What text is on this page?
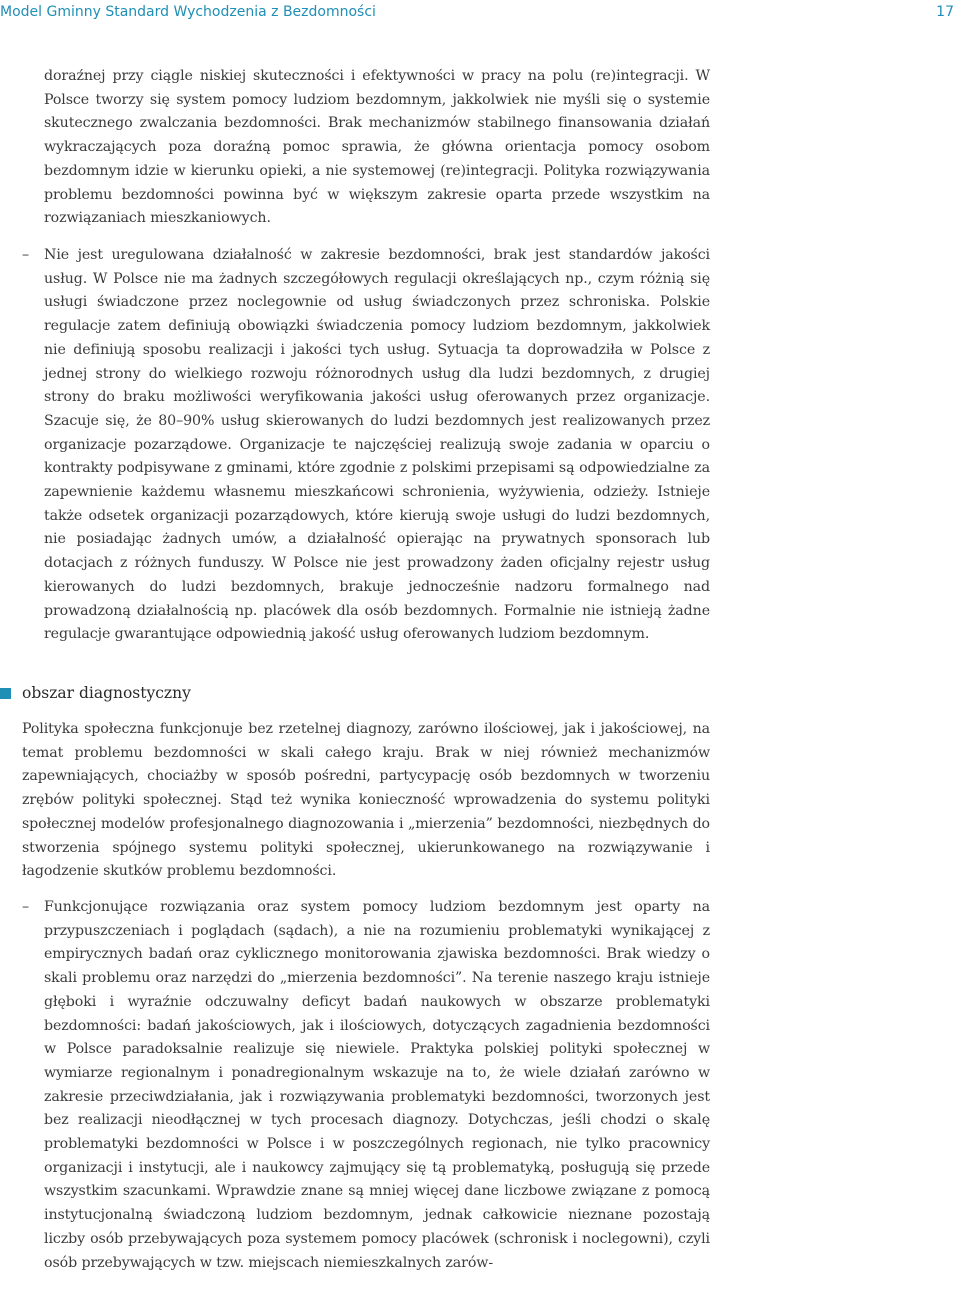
Model Gminny Standard Wychodzenia z Bezdomności	17

doraźnej przy ciągle niskiej skuteczności i efektywności w pracy na polu (re)integracji. W Polsce tworzy się system pomocy ludziom bezdomnym, jakkolwiek nie myśli się o systemie skutecznego zwalczania bezdomności. Brak mechanizmów stabilnego finansowania działań wykraczających poza doraźną pomoc sprawia, że główna orientacja pomocy osobom bezdomnym idzie w kierunku opieki, a nie systemowej (re)integracji. Polityka rozwiązywania problemu bezdomności powinna być w większym zakresie oparta przede wszystkim na rozwiązaniach mieszkaniowych.

– Nie jest uregulowana działalność w zakresie bezdomności, brak jest standardów jakości usług. W Polsce nie ma żadnych szczegółowych regulacji określających np., czym różnią się usługi świadczone przez noclegownie od usług świadczonych przez schroniska. Polskie regulacje zatem definiują obowiązki świadczenia pomocy ludziom bezdomnym, jakkolwiek nie definiują sposobu realizacji i jakości tych usług. Sytuacja ta doprowadziła w Polsce z jednej strony do wielkiego rozwoju różnorodnych usług dla ludzi bezdomnych, z drugiej strony do braku możliwości weryfikowania jakości usług oferowanych przez organizacje. Szacuje się, że 80–90% usług skierowanych do ludzi bezdomnych jest realizowanych przez organizacje pozarządowe. Organizacje te najczęściej realizują swoje zadania w oparciu o kontrakty podpisywane z gminami, które zgodnie z polskimi przepisami są odpowiedzialne za zapewnienie każdemu własnemu mieszkańcowi schronienia, wyżywienia, odzieży. Istnieje także odsetek organizacji pozarządowych, które kierują swoje usługi do ludzi bezdomnych, nie posiadając żadnych umów, a działalność opierając na prywatnych sponsorach lub dotacjach z różnych funduszy. W Polsce nie jest prowadzony żaden oficjalny rejestr usług kierowanych do ludzi bezdomnych, brakuje jednocześnie nadzoru formalnego nad prowadzoną działalnością np. placówek dla osób bezdomnych. Formalnie nie istnieją żadne regulacje gwarantujące odpowiednią jakość usług oferowanych ludziom bezdomnym.

obszar diagnostyczny

Polityka społeczna funkcjonuje bez rzetelnej diagnozy, zarówno ilościowej, jak i jakościowej, na temat problemu bezdomności w skali całego kraju. Brak w niej również mechanizmów zapewniających, chociażby w sposób pośredni, partycypację osób bezdomnych w tworzeniu zrębów polityki społecznej. Stąd też wynika konieczność wprowadzenia do systemu polityki społecznej modelów profesjonalnego diagnozowania i „mierzenia” bezdomności, niezbędnych do stworzenia spójnego systemu polityki społecznej, ukierunkowanego na rozwiązywanie i łagodzenie skutków problemu bezdomności.

– Funkcjonujące rozwiązania oraz system pomocy ludziom bezdomnym jest oparty na przypuszczeniach i poglądach (sądach), a nie na rozumieniu problematyki wynikającej z empirycznych badań oraz cyklicznego monitorowania zjawiska bezdomności. Brak wiedzy o skali problemu oraz narzędzi do „mierzenia bezdomności”. Na terenie naszego kraju istnieje głęboki i wyraźnie odczuwalny deficyt badań naukowych w obszarze problematyki bezdomności: badań jakościowych, jak i ilościowych, dotyczących zagadnienia bezdomności w Polsce paradoksalnie realizuje się niewiele. Praktyka polskiej polityki społecznej w wymiarze regionalnym i ponadregionalnym wskazuje na to, że wiele działań zarówno w zakresie przeciwdziałania, jak i rozwiązywania problematyki bezdomności, tworzonych jest bez realizacji nieodłącznej w tych procesach diagnozy. Dotychczas, jeśli chodzi o skalę problematyki bezdomności w Polsce i w poszczególnych regionach, nie tylko pracownicy organizacji i instytucji, ale i naukowcy zajmujący się tą problematyką, posługują się przede wszystkim szacunkami. Wprawdzie znane są mniej więcej dane liczbowe związane z pomocą instytucjonalną świadczoną ludziom bezdomnym, jednak całkowicie nieznane pozostają liczby osób przebywających poza systemem pomocy placówek (schronisk i noclegowni), czyli osób przebywających w tzw. miejscach niemieszkalnych zarów-
